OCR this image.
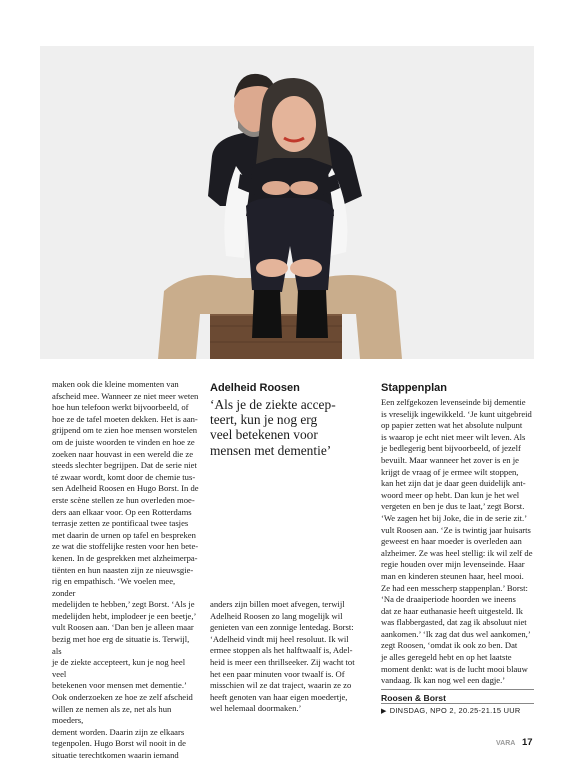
maken ook die kleine momenten van
afscheid mee. Wanneer ze niet meer weten
hoe hun telefoon werkt bijvoorbeeld, of
hoe ze de tafel moeten dekken. Het is aan-
grijpend om te zien hoe mensen worstelen
om de juiste woorden te vinden en hoe ze
zoeken naar houvast in een wereld die ze
steeds slechter begrijpen. Dat de serie niet
té zwaar wordt, komt door de chemie tus-
sen Adelheid Roosen en Hugo Borst. In de
erste scène stellen ze hun overleden moe-
ders aan elkaar voor. Op een Rotterdams
terrasje zetten ze pontificaal twee tasjes
met daarin de urnen op tafel en bespreken
ze wat die stoffelijke resten voor hen bete-
kenen. In de gesprekken met alzheimerpa-
tiënten en hun naasten zijn ze nieuwsgie-
rig en empathisch. ‘We voelen mee, zonder
medelijden te hebben,’ zegt Borst. ‘Als je
medelijden hebt, implodeer je een beetje,’
vult Roosen aan. ‘Dan ben je alleen maar
bezig met hoe erg de situatie is. Terwijl, als
je de ziekte accepteert, kun je nog heel veel
betekenen voor mensen met dementie.’
Ook onderzoeken ze hoe ze zelf afscheid
willen ze nemen als ze, net als hun moeders,
dement worden. Daarin zijn ze elkaars
tegenpolen. Hugo Borst wil nooit in de
situatie terechtkomen waarin iemand

Adelheid Roosen
‘Als je de ziekte accep-
teert, kun je nog erg
veel betekenen voor
mensen met dementie’

anders zijn billen moet afvegen, terwijl
Adelheid Roosen zo lang mogelijk wil
genieten van een zonnige lentedag. Borst:
‘Adelheid vindt mij heel resoluut. Ik wil
ermee stoppen als het halftwaalf is, Adel-
heid is meer een thrillseeker. Zij wacht tot
het een paar minuten voor twaalf is. Of
misschien wil ze dat traject, waarin ze zo
heeft genoten van haar eigen moedertje,
wel helemaal doormaken.’

Stappenplan

Een zelfgekozen levenseinde bij dementie
is vreselijk ingewikkeld. ‘Je kunt uitgebreid
op papier zetten wat het absolute nulpunt
is waarop je echt niet meer wilt leven. Als
je bedlegerig bent bijvoorbeeld, of jezelf
bevuilt. Maar wanneer het zover is en je
krijgt de vraag of je ermee wilt stoppen,
kan het zijn dat je daar geen duidelijk ant-
woord meer op hebt. Dan kun je het wel
vergeten en ben je dus te laat,’ zegt Borst.
‘We zagen het bij Joke, die in de serie zit.’
vult Roosen aan. ‘Ze is twintig jaar huisarts
geweest en haar moeder is overleden aan
alzheimer. Ze was heel stellig: ik wil zelf de
regie houden over mijn levenseinde. Haar
man en kinderen steunen haar, heel mooi.
Ze had een messcherp stappenplan.’ Borst:
‘Na de draaiperiode hoorden we ineens
dat ze haar euthanasie heeft uitgesteld. Ik
was flabbergasted, dat zag ik absoluut niet
aankomen.’ ‘Ik zag dat dus wel aankomen,’
zegt Roosen, ‘omdat ik ook zo ben. Dat
je alles geregeld hebt en op het laatste
moment denkt: wat is de lucht mooi blauw
vandaag. Ik kan nog wel een dagje.’

Roosen & Borst
▶ DINSDAG, NPO 2, 20.25-21.15 UUR
VARA 17
